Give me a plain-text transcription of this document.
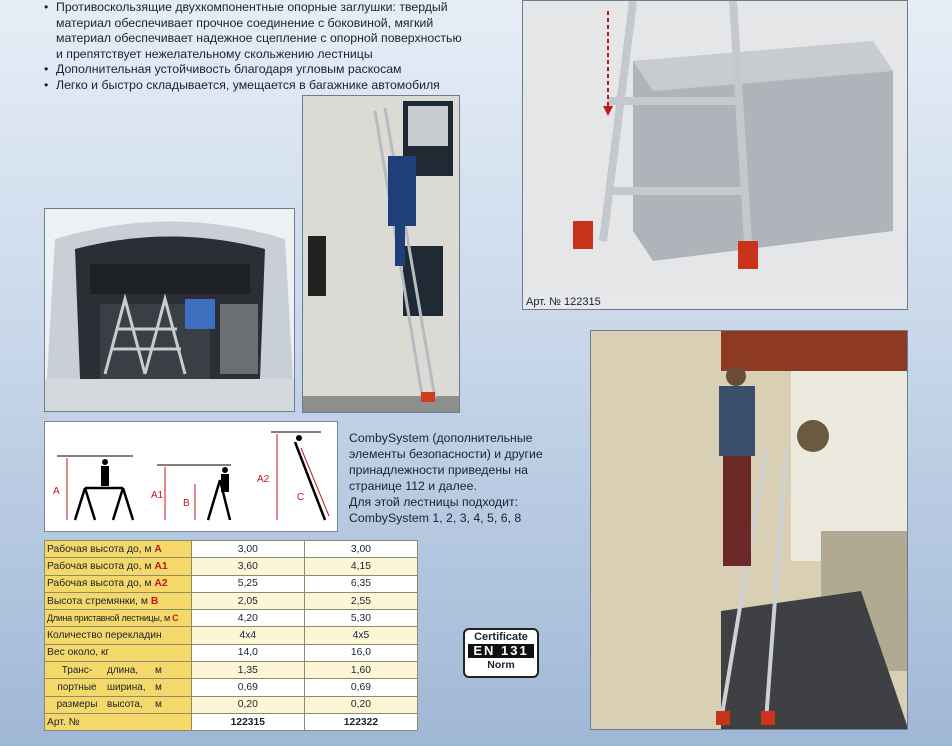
• Противоскользящие двухкомпонентные опорные заглушки: твердый материал обеспечивает прочное соединение с боковиной, мягкий материал обеспечивает надежное сцепление с опорной поверхностью и препятствует нежелательному скольжению лестницы
• Дополнительная устойчивость благодаря угловым раскосам
• Легко и быстро складывается, умещается в багажнике автомобиля
Арт. № 122315
A	A1
B
A2
C
CombySystem (дополнительные
элементы безопасности) и другие
принадлежности приведены на
странице 112 и далее.
Для этой лестницы подходит:
CombySystem 1, 2, 3, 4, 5, 6, 8
Рабочая высота до, м A	3,00	3,00
Рабочая высота до, м A1	3,60	4,15
Рабочая высота до, м A2	5,25	6,35
Высота стремянки, м B	2,05	2,55
Длина приставной лестницы, м C	4,20	5,30
Количество перекладин	4x4	4x5
Вес около, кг	14,0	16,0
Транс- длина, м	1,35	1,60
портные ширина, м	0,69	0,69
размеры высота, м	0,20	0,20
Арт. №	122315	122322
Certificate
EN 131
Norm
